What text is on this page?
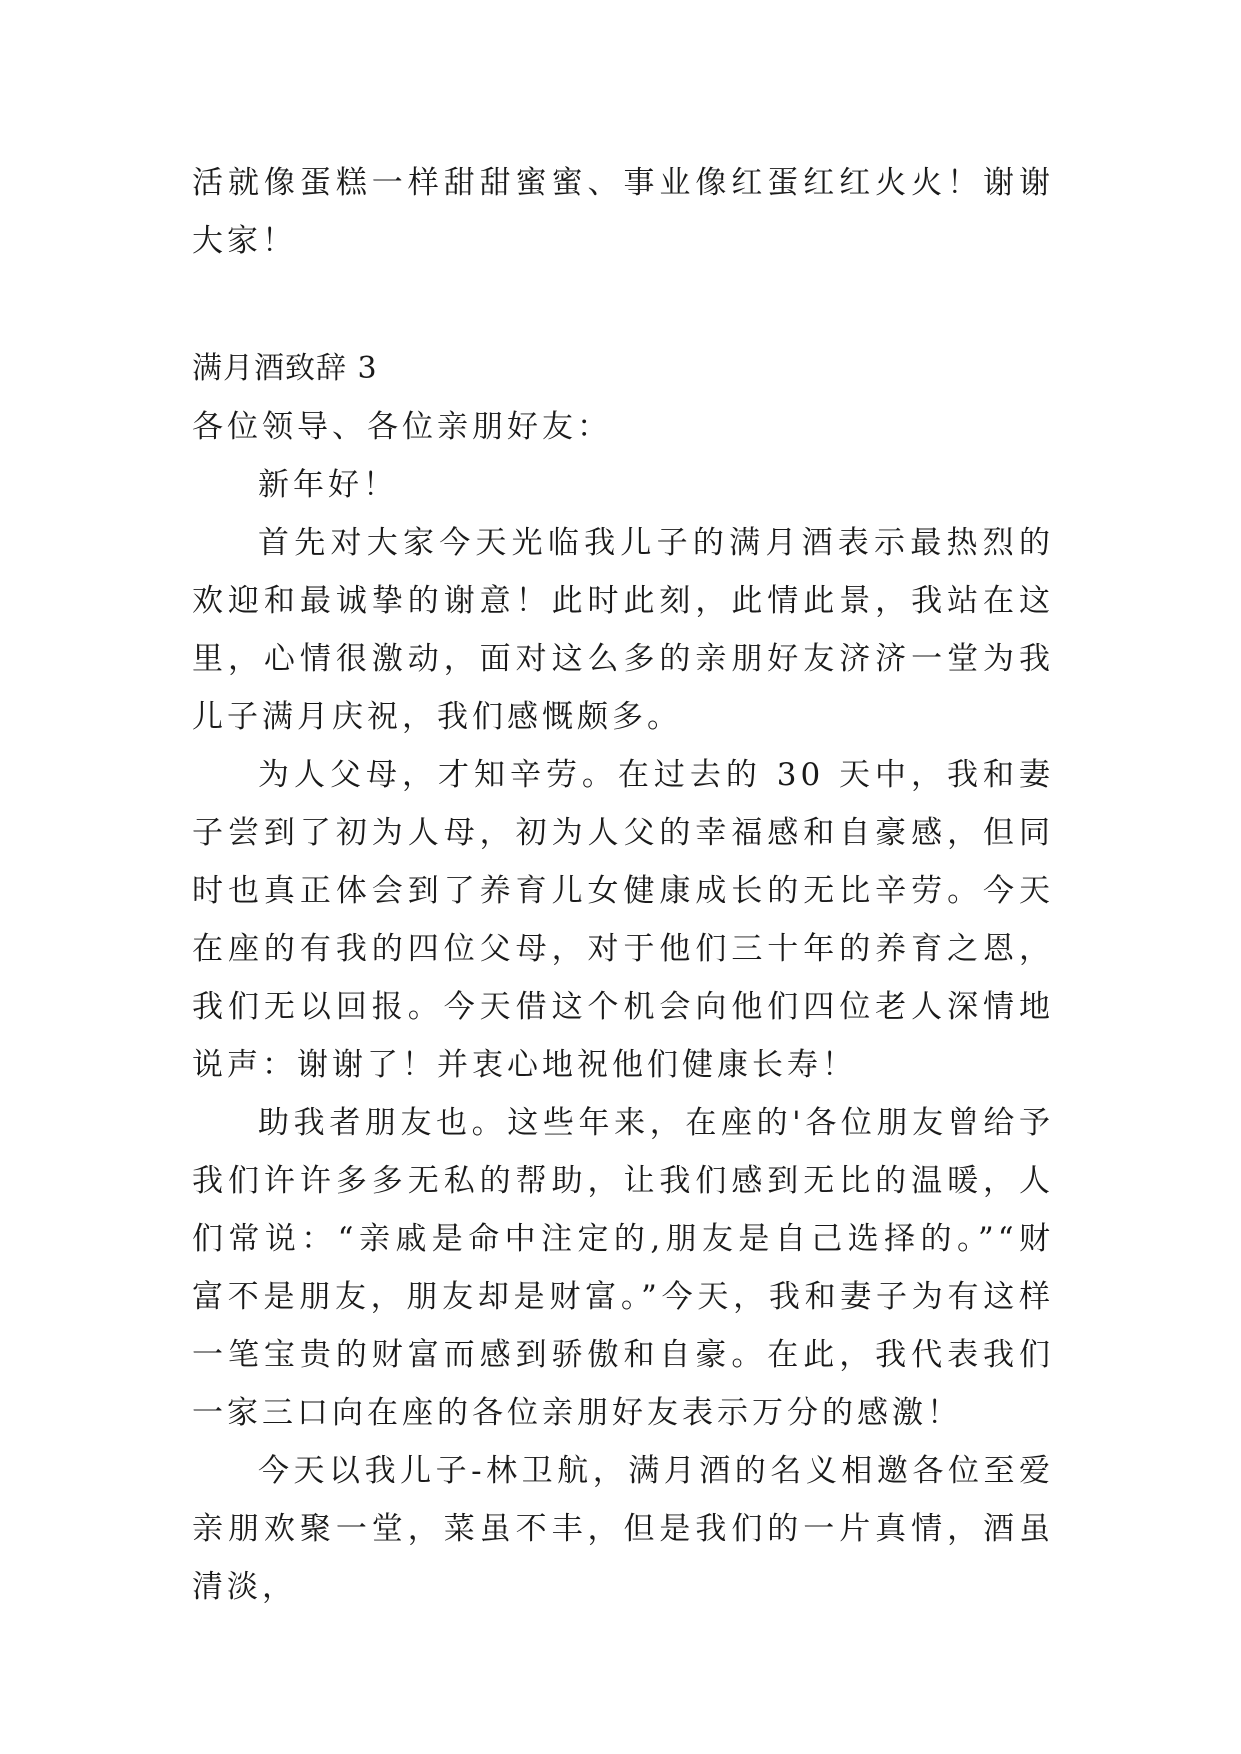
活就像蛋糕一样甜甜蜜蜜、事业像红蛋红红火火！谢谢大家！

满月酒致辞 3

各位领导、各位亲朋好友：

新年好！

首先对大家今天光临我儿子的满月酒表示最热烈的欢迎和最诚挚的谢意！此时此刻，此情此景，我站在这里，心情很激动，面对这么多的亲朋好友济济一堂为我儿子满月庆祝，我们感慨颇多。

为人父母，才知辛劳。在过去的 30 天中，我和妻子尝到了初为人母，初为人父的幸福感和自豪感，但同时也真正体会到了养育儿女健康成长的无比辛劳。今天在座的有我的四位父母，对于他们三十年的养育之恩，我们无以回报。今天借这个机会向他们四位老人深情地说声：谢谢了！并衷心地祝他们健康长寿！

助我者朋友也。这些年来，在座的'各位朋友曾给予我们许许多多无私的帮助，让我们感到无比的温暖，人们常说：“亲戚是命中注定的,朋友是自己选择的。”“财富不是朋友，朋友却是财富。”今天，我和妻子为有这样一笔宝贵的财富而感到骄傲和自豪。在此，我代表我们一家三口向在座的各位亲朋好友表示万分的感激！

今天以我儿子-林卫航，满月酒的名义相邀各位至爱亲朋欢聚一堂，菜虽不丰，但是我们的一片真情，酒虽清淡，
